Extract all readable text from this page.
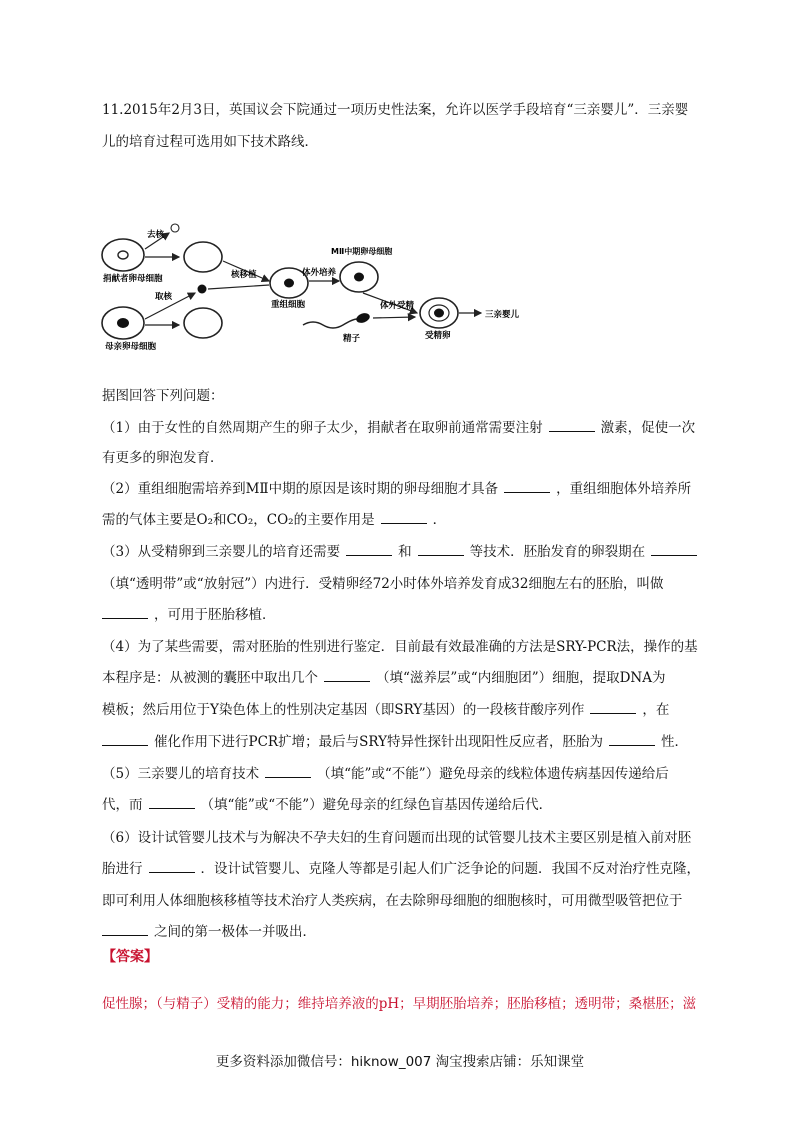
11.2015年2月3日，英国议会下院通过一项历史性法案，允许以医学手段培育“三亲婴儿”．三亲婴
儿的培育过程可选用如下技术路线．
捐献者卵母细胞
母亲卵母细胞
去核
取核
核移植
重组细胞
体外培养
MⅡ中期卵母细胞
体外受精
精子	受精卵
三亲婴儿
据图回答下列问题：
（1）由于女性的自然周期产生的卵子太少，捐献者在取卵前通常需要注射	激素，促使一次
有更多的卵泡发育．
（2）重组细胞需培养到MⅡ中期的原因是该时期的卵母细胞才具备	，重组细胞体外培养所
需的气体主要是O₂和CO₂，CO₂的主要作用是	．
（3）从受精卵到三亲婴儿的培育还需要	和	等技术．胚胎发育的卵裂期在
（填“透明带”或“放射冠”）内进行．受精卵经72小时体外培养发育成32细胞左右的胚胎，叫做
，可用于胚胎移植．
（4）为了某些需要，需对胚胎的性别进行鉴定．目前最有效最准确的方法是SRY-PCR法，操作的基
本程序是：从被测的囊胚中取出几个	（填“滋养层”或“内细胞团”）细胞，提取DNA为
模板；然后用位于Y染色体上的性别决定基因（即SRY基因）的一段核苷酸序列作	，在
催化作用下进行PCR扩增；最后与SRY特异性探针出现阳性反应者，胚胎为	性．
（5）三亲婴儿的培育技术	（填“能”或“不能”）避免母亲的线粒体遗传病基因传递给后
代，而	（填“能”或“不能”）避免母亲的红绿色盲基因传递给后代．
（6）设计试管婴儿技术与为解决不孕夫妇的生育问题而出现的试管婴儿技术主要区别是植入前对胚
胎进行	．设计试管婴儿、克隆人等都是引起人们广泛争论的问题．我国不反对治疗性克隆，
即可利用人体细胞核移植等技术治疗人类疾病，在去除卵母细胞的细胞核时，可用微型吸管把位于
之间的第一极体一并吸出．
【答案】
促性腺；（与精子）受精的能力；维持培养液的pH；早期胚胎培养；胚胎移植；透明带；桑椹胚；滋
更多资料添加微信号：hiknow_007 淘宝搜索店铺：乐知课堂
